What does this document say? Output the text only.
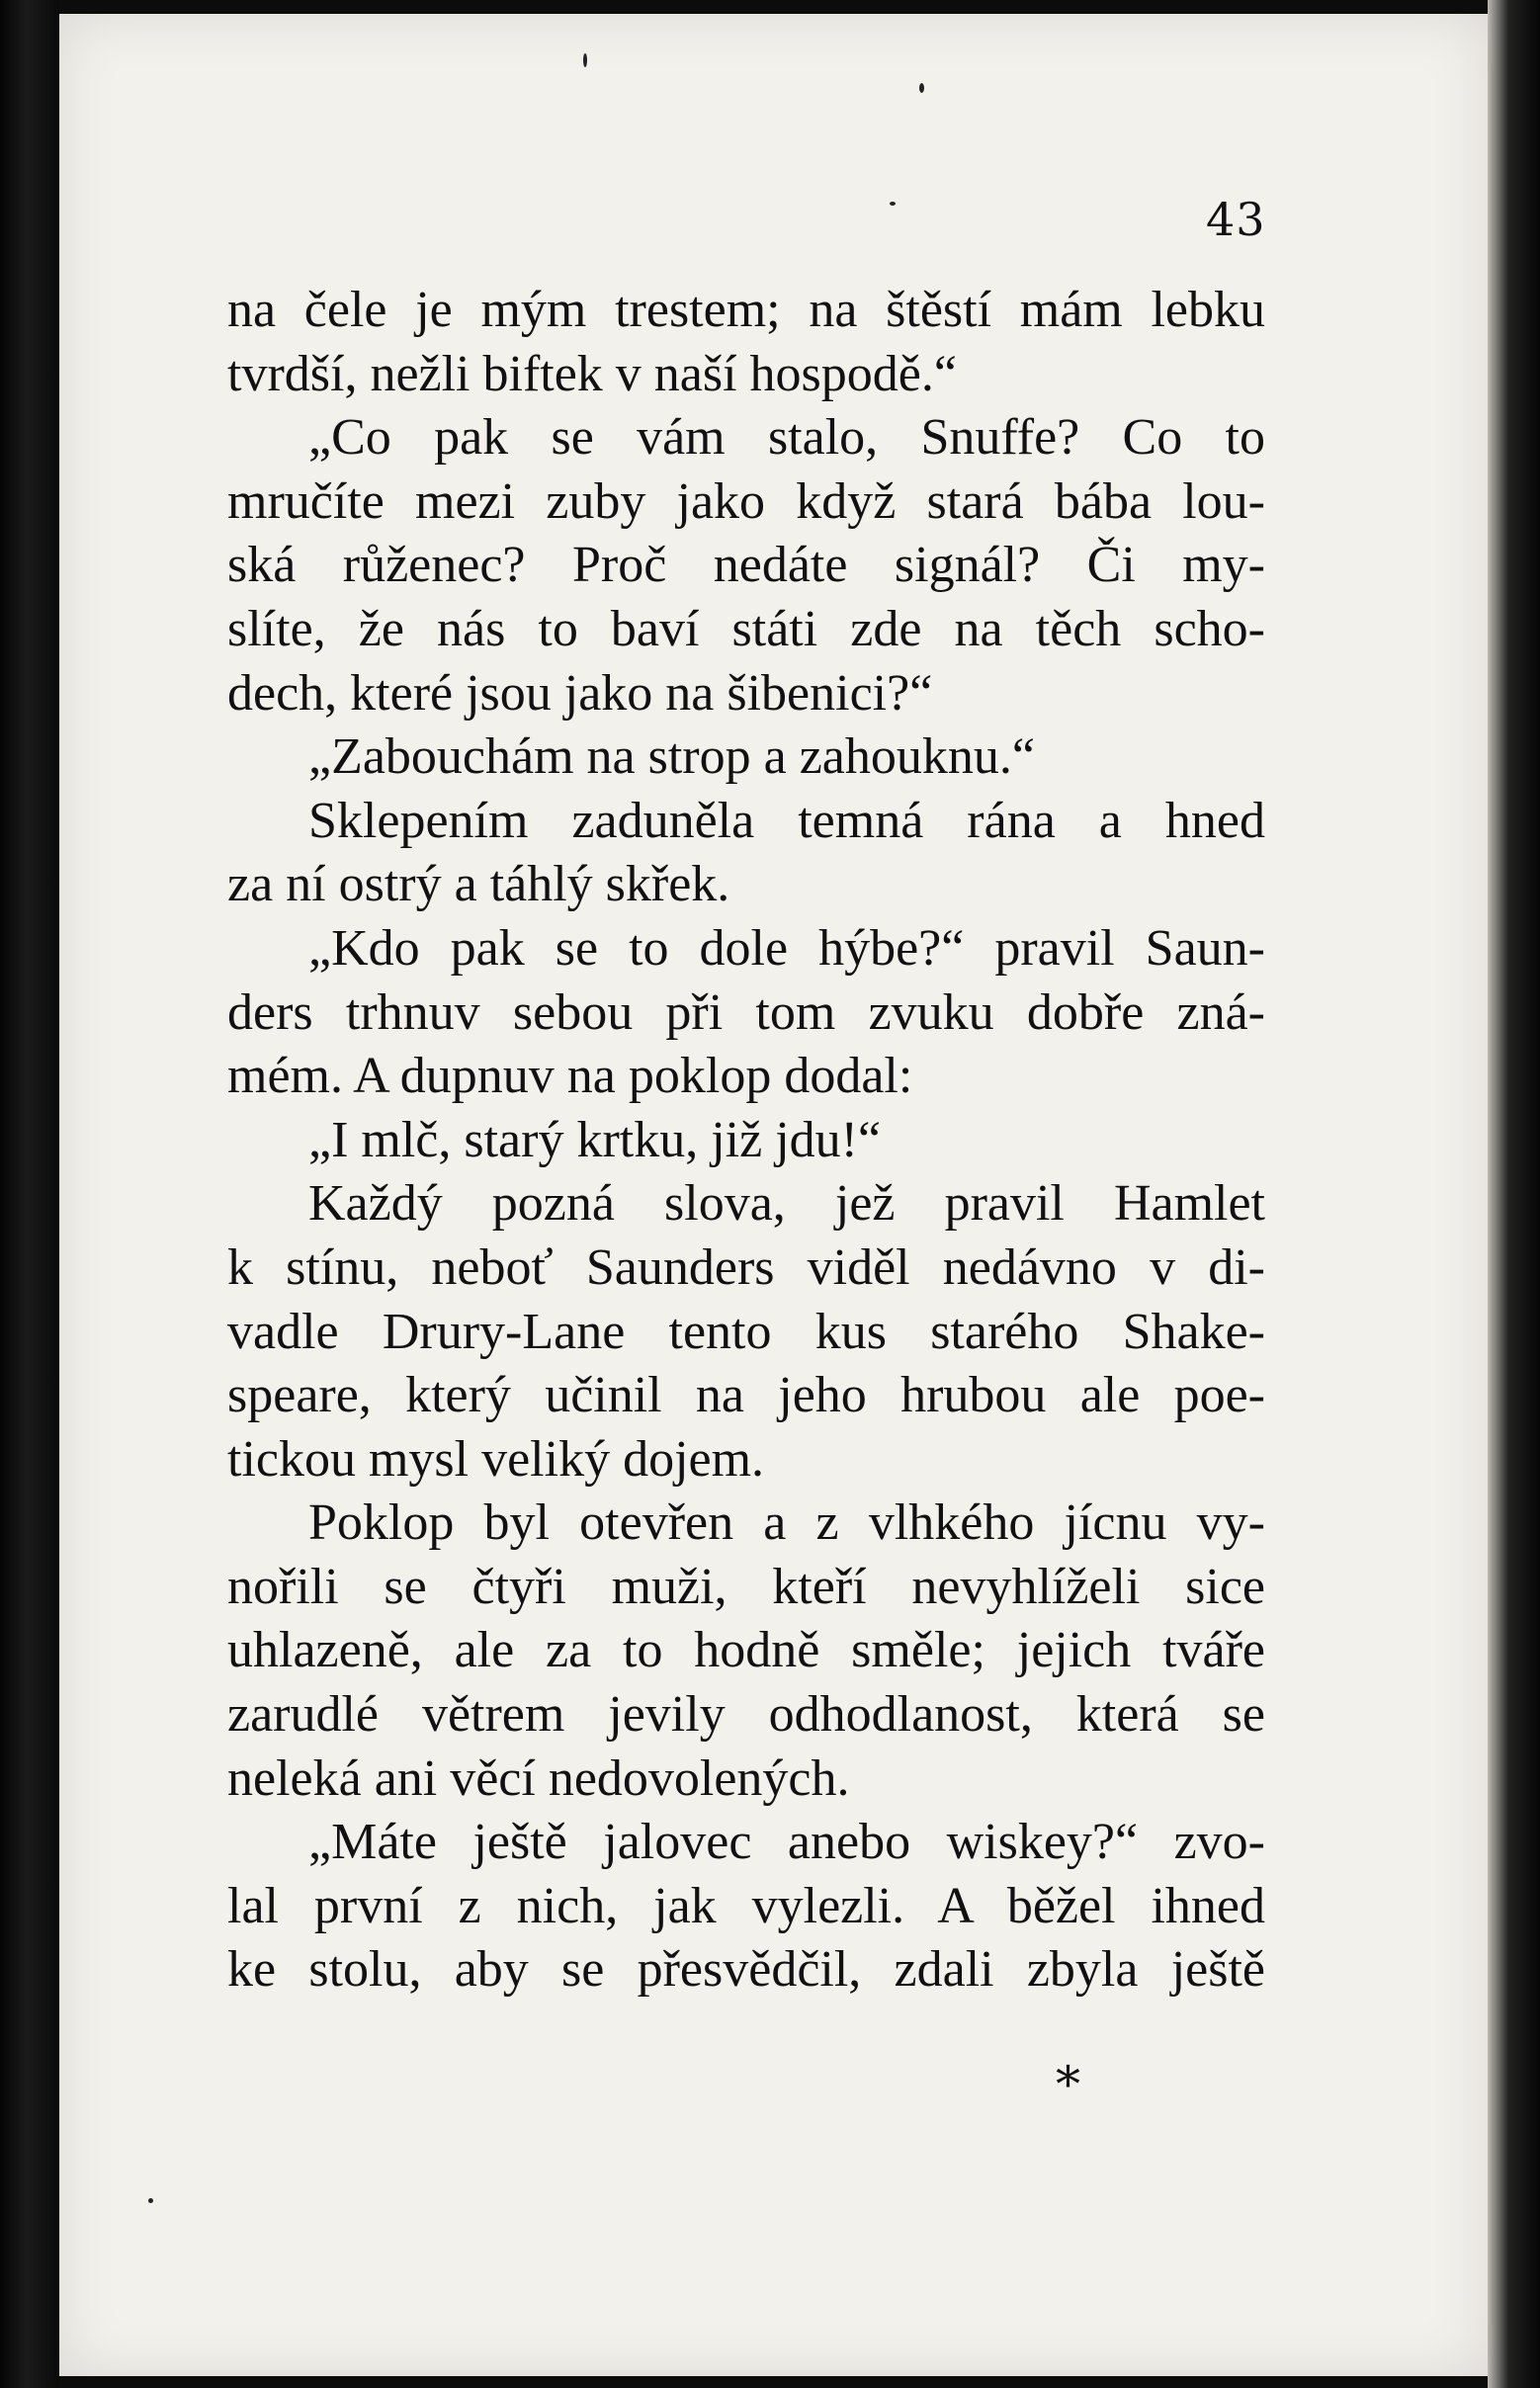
43
na čele je mým trestem; na štěstí mám lebku
tvrdší, nežli biftek v naší hospodě.“
„Co pak se vám stalo, Snuffe? Co to
mručíte mezi zuby jako když stará bába lou-
ská růženec? Proč nedáte signál? Či my-
slíte, že nás to baví státi zde na těch scho-
dech, které jsou jako na šibenici?“
„Zabouchám na strop a zahouknu.“
Sklepením zaduněla temná rána a hned
za ní ostrý a táhlý skřek.
„Kdo pak se to dole hýbe?“ pravil Saun-
ders trhnuv sebou při tom zvuku dobře zná-
mém. A dupnuv na poklop dodal:
„I mlč, starý krtku, již jdu!“
Každý pozná slova, jež pravil Hamlet
k stínu, neboť Saunders viděl nedávno v di-
vadle Drury-Lane tento kus starého Shake-
speare, který učinil na jeho hrubou ale poe-
tickou mysl veliký dojem.
Poklop byl otevřen a z vlhkého jícnu vy-
nořili se čtyři muži, kteří nevyhlíželi sice
uhlazeně, ale za to hodně směle; jejich tváře
zarudlé větrem jevily odhodlanost, která se
neleká ani věcí nedovolených.
„Máte ještě jalovec anebo wiskey?“ zvo-
lal první z nich, jak vylezli. A běžel ihned
ke stolu, aby se přesvědčil, zdali zbyla ještě
*
